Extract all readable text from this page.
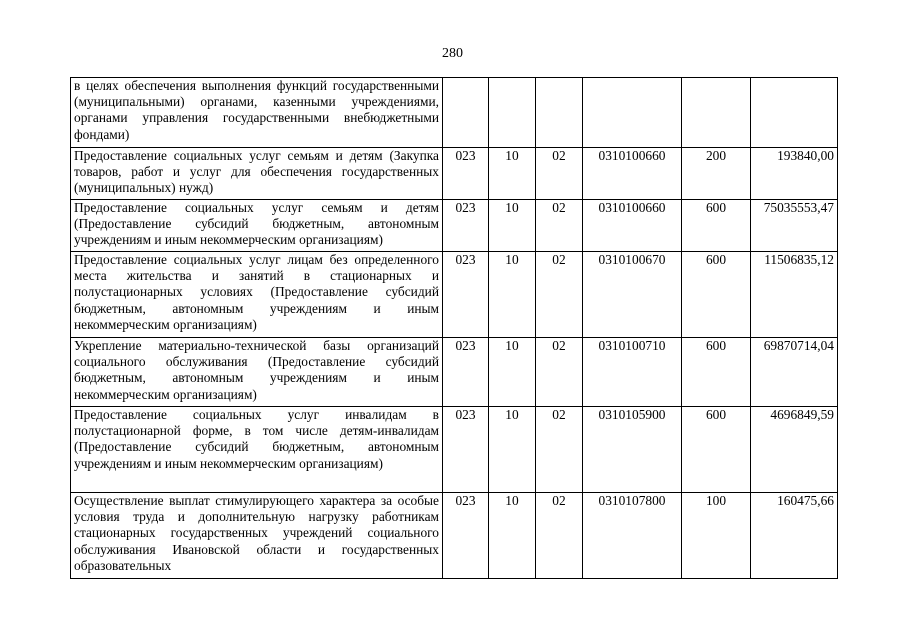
280
в целях обеспечения выполнения функций государственными (муниципальными) органами, казенными учреждениями, органами управления государственными внебюджетными фондами)						
Предоставление социальных услуг семьям и детям (Закупка товаров, работ и услуг для обеспечения государственных (муниципальных) нужд)	023	10	02	0310100660	200	193840,00
Предоставление социальных услуг семьям и детям (Предоставление субсидий бюджетным, автономным учреждениям и иным некоммерческим организациям)	023	10	02	0310100660	600	75035553,47
Предоставление социальных услуг лицам без определенного места жительства и занятий в стационарных и полустационарных условиях (Предоставление субсидий бюджетным, автономным учреждениям и иным некоммерческим организациям)	023	10	02	0310100670	600	11506835,12
Укрепление материально-технической базы организаций социального обслуживания (Предоставление субсидий бюджетным, автономным учреждениям и иным некоммерческим организациям)	023	10	02	0310100710	600	69870714,04
Предоставление социальных услуг инвалидам в полустационарной форме, в том числе детям-инвалидам (Предоставление субсидий бюджетным, автономным учреждениям и иным некоммерческим организациям)	023	10	02	0310105900	600	4696849,59
Осуществление выплат стимулирующего характера за особые условия труда и дополнительную нагрузку работникам стационарных государственных учреждений социального обслуживания Ивановской области и государственных образовательных	023	10	02	0310107800	100	160475,66
